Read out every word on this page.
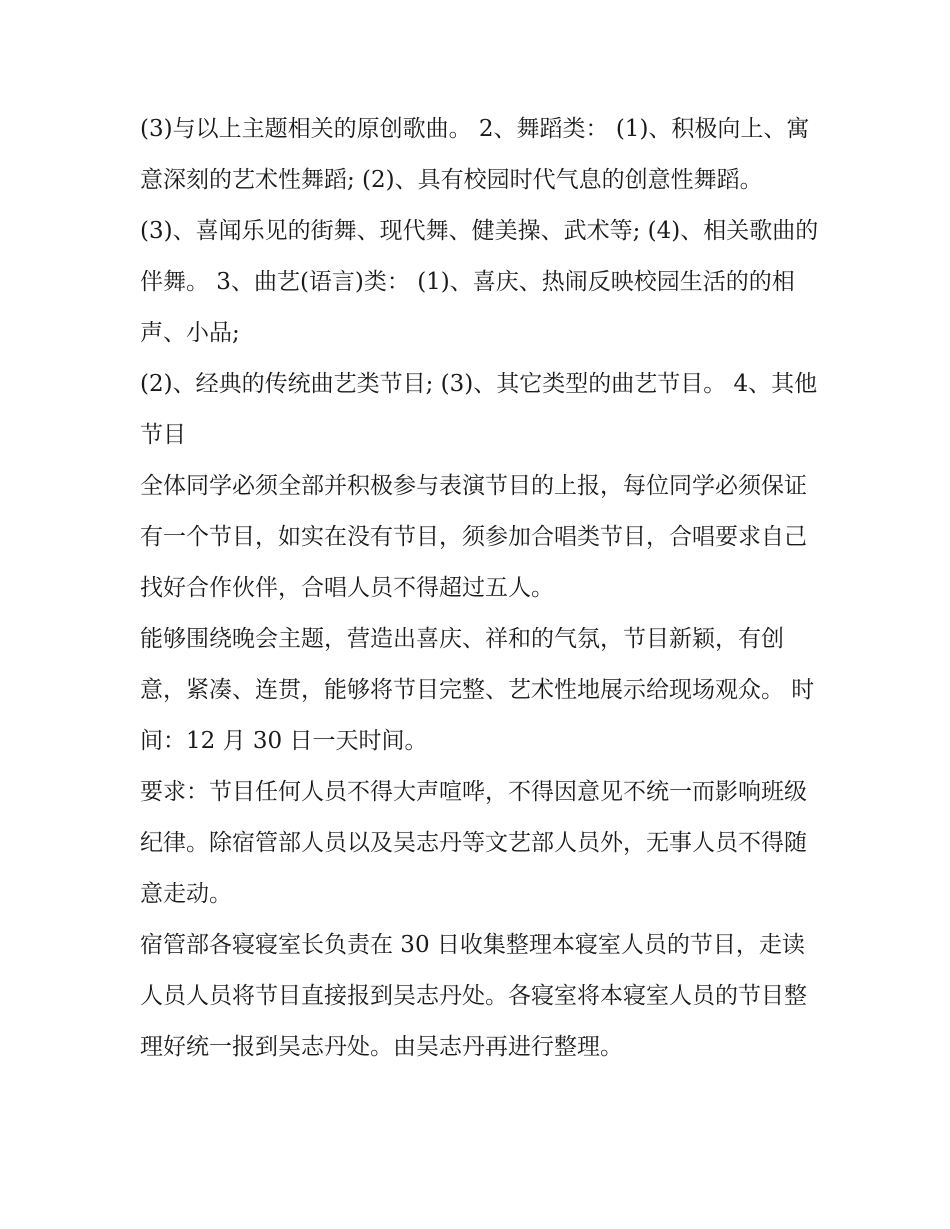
(3)与以上主题相关的原创歌曲。 2、舞蹈类： (1)、积极向上、寓意深刻的艺术性舞蹈; (2)、具有校园时代气息的创意性舞蹈。

(3)、喜闻乐见的街舞、现代舞、健美操、武术等; (4)、相关歌曲的伴舞。 3、曲艺(语言)类： (1)、喜庆、热闹反映校园生活的的相声、小品;

(2)、经典的传统曲艺类节目; (3)、其它类型的曲艺节目。 4、其他节目

全体同学必须全部并积极参与表演节目的上报，每位同学必须保证有一个节目，如实在没有节目，须参加合唱类节目，合唱要求自己找好合作伙伴，合唱人员不得超过五人。

能够围绕晚会主题，营造出喜庆、祥和的气氛，节目新颖，有创意，紧凑、连贯，能够将节目完整、艺术性地展示给现场观众。 时间：12 月 30 日一天时间。

要求：节目任何人员不得大声喧哗，不得因意见不统一而影响班级纪律。除宿管部人员以及吴志丹等文艺部人员外，无事人员不得随意走动。

宿管部各寝寝室长负责在 30 日收集整理本寝室人员的节目，走读人员人员将节目直接报到吴志丹处。各寝室将本寝室人员的节目整理好统一报到吴志丹处。由吴志丹再进行整理。
